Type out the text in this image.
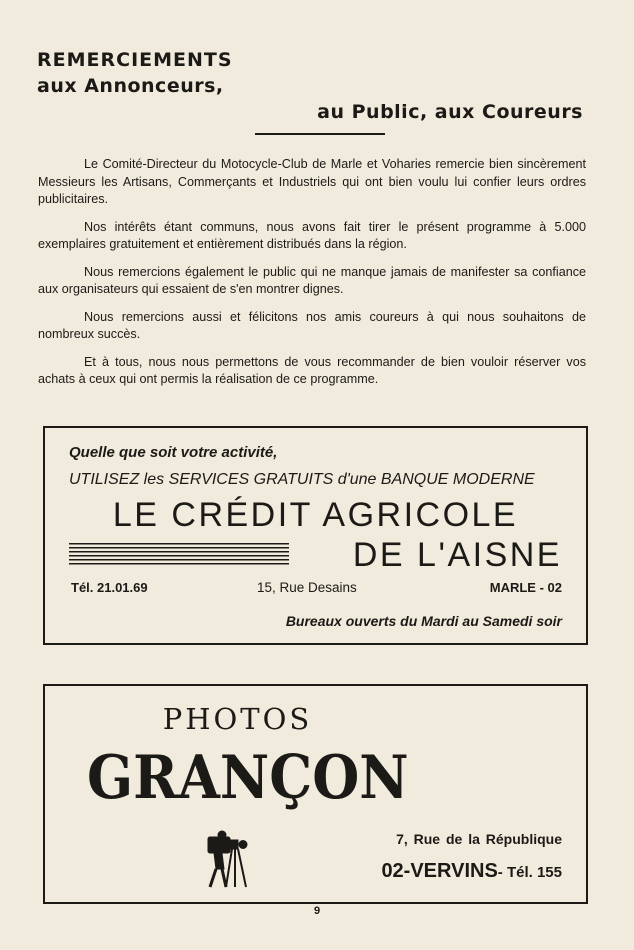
REMERCIEMENTS
aux Annonceurs,
au Public, aux Coureurs

Le Comité-Directeur du Motocycle-Club de Marle et Voharies remercie bien sincèrement Messieurs les Artisans, Commerçants et Industriels qui ont bien voulu lui confier leurs ordres publicitaires.

Nos intérêts étant communs, nous avons fait tirer le présent programme à 5.000 exemplaires gratuitement et entièrement distribués dans la région.

Nous remercions également le public qui ne manque jamais de manifester sa confiance aux organisateurs qui essaient de s'en montrer dignes.

Nous remercions aussi et félicitons nos amis coureurs à qui nous souhaitons de nombreux succès.

Et à tous, nous nous permettons de vous recommander de bien vouloir réserver vos achats à ceux qui ont permis la réalisation de ce programme.

Quelle que soit votre activité,
UTILISEZ les SERVICES GRATUITS d'une BANQUE MODERNE
LE CRÉDIT AGRICOLE
DE L'AISNE
Tél. 21.01.69	15, Rue Desains	MARLE - 02
Bureaux ouverts du Mardi au Samedi soir
PHOTOS
GRANÇON
7, Rue de la République
02-VERVINS- Tél. 155
9
